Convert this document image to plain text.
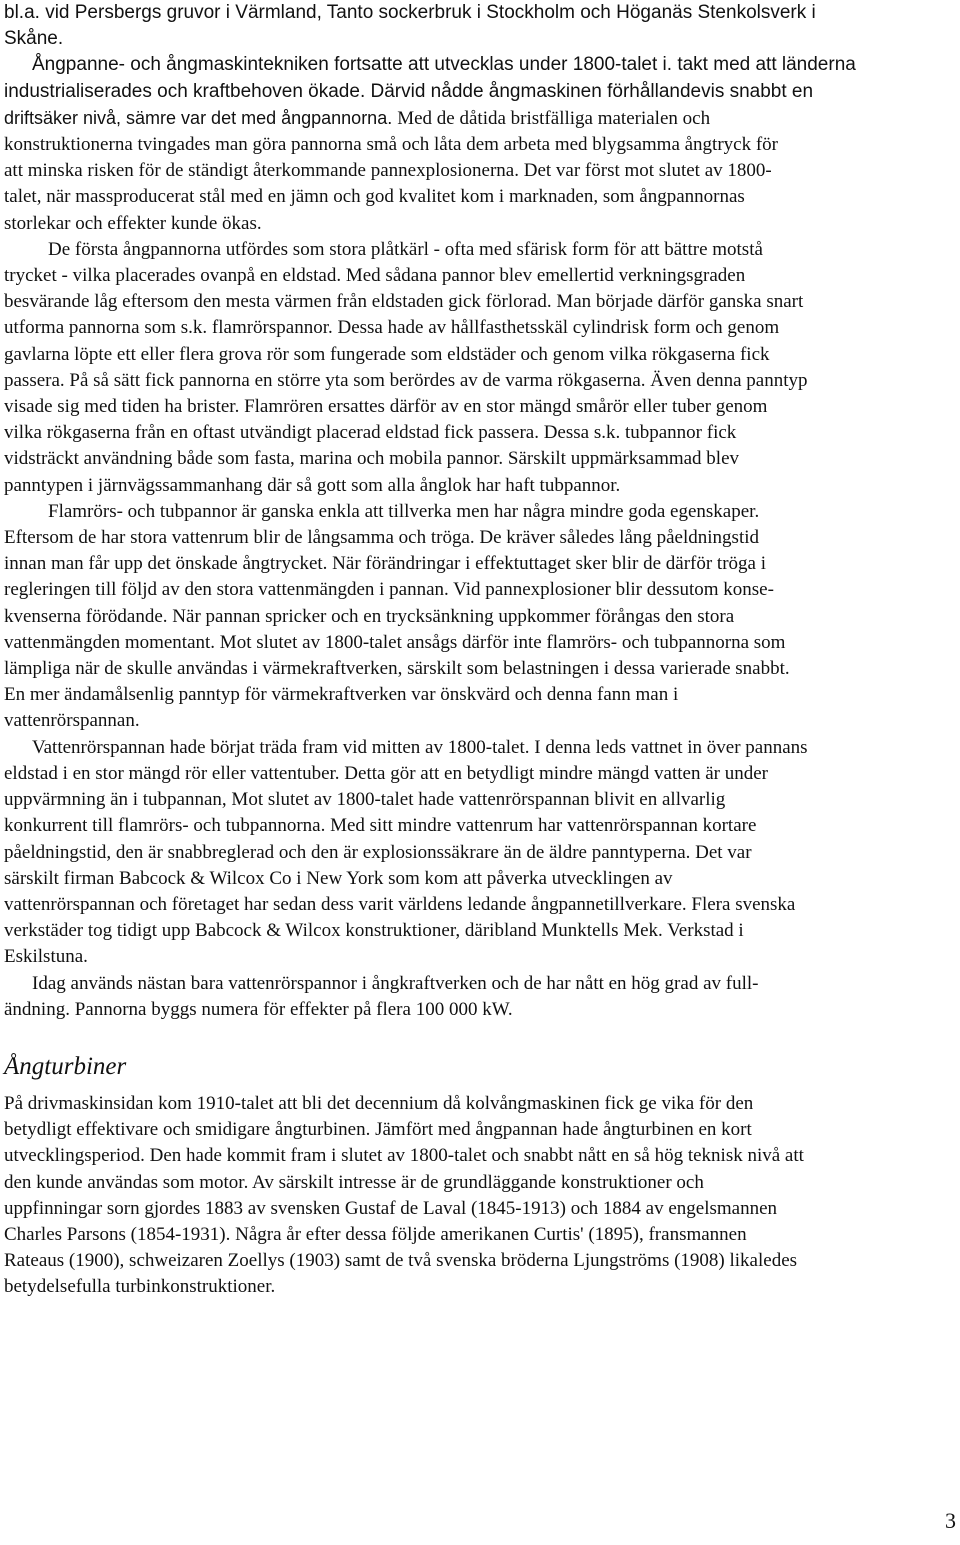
bl.a. vid Persbergs gruvor i Värmland, Tanto sockerbruk i Stockholm och Höganäs Stenkolsverk i

Skåne.

Ångpanne- och ångmaskintekniken fortsatte att utvecklas under 1800-talet i. takt med att länderna

industrialiserades och kraftbehoven ökade. Därvid nådde ångmaskinen förhållandevis snabbt en

driftsäker nivå, sämre var det med ångpannorna. Med de dåtida bristfälliga materialen och

konstruktionerna tvingades man göra pannorna små och låta dem arbeta med blygsamma ångtryck för

att minska risken för de ständigt återkommande pannexplosionerna. Det var först mot slutet av 1800-

talet, när massproducerat stål med en jämn och god kvalitet kom i marknaden, som ångpannornas

storlekar och effekter kunde ökas.

De första ångpannorna utfördes som stora plåtkärl - ofta med sfärisk form för att bättre motstå

trycket - vilka placerades ovanpå en eldstad. Med sådana pannor blev emellertid verkningsgraden

besvärande låg eftersom den mesta värmen från eldstaden gick förlorad. Man började därför ganska snart

utforma pannorna som s.k. flamrörspannor. Dessa hade av hållfasthetsskäl cylindrisk form och genom

gavlarna löpte ett eller flera grova rör som fungerade som eldstäder och genom vilka rökgaserna fick

passera. På så sätt fick pannorna en större yta som berördes av de varma rökgaserna. Även denna panntyp

visade sig med tiden ha brister. Flamrören ersattes därför av en stor mängd smårör eller tuber genom

vilka rökgaserna från en oftast utvändigt placerad eldstad fick passera. Dessa s.k. tubpannor fick

vidsträckt användning både som fasta, marina och mobila pannor. Särskilt uppmärksammad blev

panntypen i järnvägssammanhang där så gott som alla ånglok har haft tubpannor.

Flamrörs- och tubpannor är ganska enkla att tillverka men har några mindre goda egenskaper.

Eftersom de har stora vattenrum blir de långsamma och tröga. De kräver således lång påeldningstid

innan man får upp det önskade ångtrycket. När förändringar i effektuttaget sker blir de därför tröga i

regleringen till följd av den stora vattenmängden i pannan. Vid pannexplosioner blir dessutom konse-

kvenserna förödande. När pannan spricker och en trycksänkning uppkommer förångas den stora

vattenmängden momentant. Mot slutet av 1800-talet ansågs därför inte flamrörs- och tubpannorna som

lämpliga när de skulle användas i värmekraftverken, särskilt som belastningen i dessa varierade snabbt.

En mer ändamålsenlig panntyp för värmekraftverken var önskvärd och denna fann man i

vattenrörspannan.

Vattenrörspannan hade börjat träda fram vid mitten av 1800-talet. I denna leds vattnet in över pannans

eldstad i en stor mängd rör eller vattentuber. Detta gör att en betydligt mindre mängd vatten är under

uppvärmning än i tubpannan, Mot slutet av 1800-talet hade vattenrörspannan blivit en allvarlig

konkurrent till flamrörs- och tubpannorna. Med sitt mindre vattenrum har vattenrörspannan kortare

påeldningstid, den är snabbreglerad och den är explosionssäkrare än de äldre panntyperna. Det var

särskilt firman Babcock & Wilcox Co i New York som kom att påverka utvecklingen av

vattenrörspannan och företaget har sedan dess varit världens ledande ångpannetillverkare. Flera svenska

verkstäder tog tidigt upp Babcock & Wilcox konstruktioner, däribland Munktells Mek. Verkstad i

Eskilstuna.

Idag används nästan bara vattenrörspannor i ångkraftverken och de har nått en hög grad av full-

ändning. Pannorna byggs numera för effekter på flera 100 000 kW.

Ångturbiner

På drivmaskinsidan kom 1910-talet att bli det decennium då kolvångmaskinen fick ge vika för den

betydligt effektivare och smidigare ångturbinen. Jämfört med ångpannan hade ångturbinen en kort

utvecklingsperiod. Den hade kommit fram i slutet av 1800-talet och snabbt nått en så hög teknisk nivå att

den kunde användas som motor. Av särskilt intresse är de grundläggande konstruktioner och

uppfinningar sorn gjordes 1883 av svensken Gustaf de Laval (1845-1913) och 1884 av engelsmannen

Charles Parsons (1854-1931). Några år efter dessa följde amerikanen Curtis' (1895), fransmannen

Rateaus (1900), schweizaren Zoellys (1903) samt de två svenska bröderna Ljungströms (1908) likaledes

betydelsefulla turbinkonstruktioner.

3
